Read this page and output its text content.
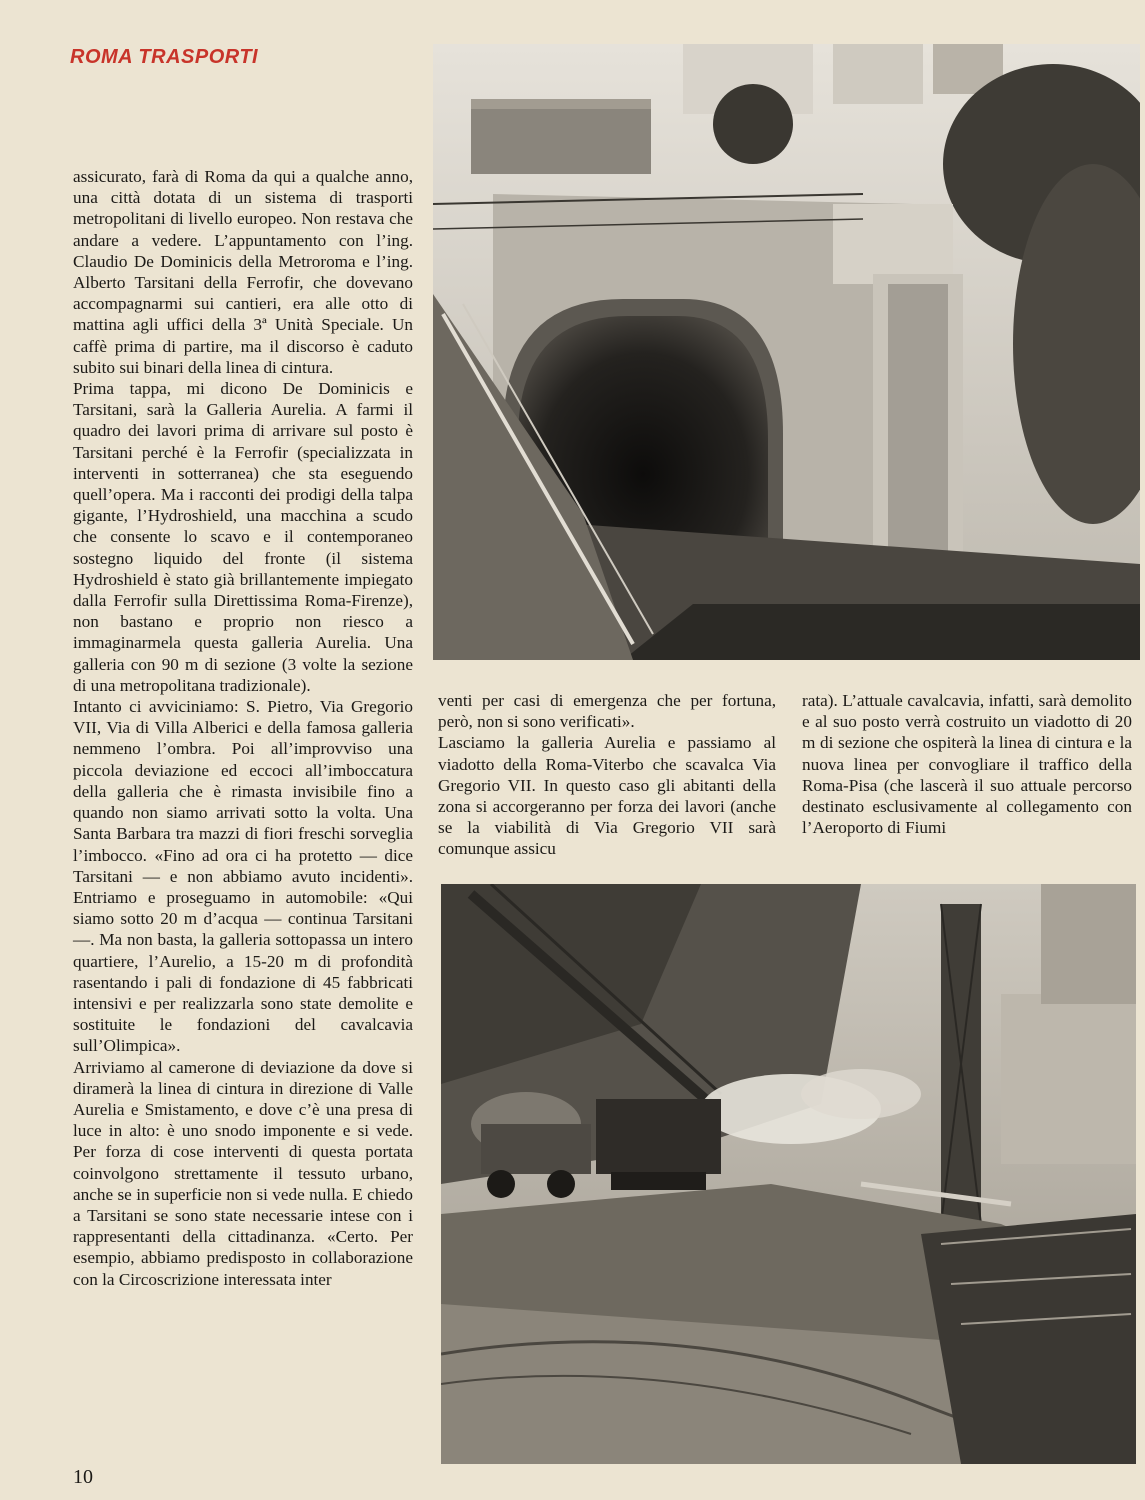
ROMA TRASPORTI

assicurato, farà di Roma da qui a qualche anno, una città dotata di un sistema di trasporti metropolitani di livello europeo. Non restava che andare a vedere. L’appuntamento con l’ing. Claudio De Dominicis della Metroroma e l’ing. Alberto Tarsitani della Ferrofir, che dovevano accompagnarmi sui cantieri, era alle otto di mattina agli uffici della 3ª Unità Speciale. Un caffè prima di partire, ma il discorso è caduto subito sui binari della linea di cintura.

Prima tappa, mi dicono De Dominicis e Tarsitani, sarà la Galleria Aurelia. A farmi il quadro dei lavori prima di arrivare sul posto è Tarsitani perché è la Ferrofir (specializzata in interventi in sotterranea) che sta eseguendo quell’opera. Ma i racconti dei prodigi della talpa gigante, l’Hydroshield, una macchina a scudo che consente lo scavo e il contemporaneo sostegno liquido del fronte (il sistema Hydroshield è stato già brillantemente impiegato dalla Ferrofir sulla Direttissima Roma-Firenze), non bastano e proprio non riesco a immaginarmela questa galleria Aurelia. Una galleria con 90 m di sezione (3 volte la sezione di una metropolitana tradizionale).

Intanto ci avviciniamo: S. Pietro, Via Gregorio VII, Via di Villa Alberici e della famosa galleria nemmeno l’ombra. Poi all’improvviso una piccola deviazione ed eccoci all’imboccatura della galleria che è rimasta invisibile fino a quando non siamo arrivati sotto la volta. Una Santa Barbara tra mazzi di fiori freschi sorveglia l’imbocco. «Fino ad ora ci ha protetto — dice Tarsitani — e non abbiamo avuto incidenti». Entriamo e proseguamo in automobile: «Qui siamo sotto 20 m d’acqua — continua Tarsitani —. Ma non basta, la galleria sottopassa un intero quartiere, l’Aurelio, a 15-20 m di profondità rasentando i pali di fondazione di 45 fabbricati intensivi e per realizzarla sono state demolite e sostituite le fondazioni del cavalcavia sull’Olimpica».

Arriviamo al camerone di deviazione da dove si diramerà la linea di cintura in direzione di Valle Aurelia e Smistamento, e dove c’è una presa di luce in alto: è uno snodo imponente e si vede. Per forza di cose interventi di questa portata coinvolgono strettamente il tessuto urbano, anche se in superficie non si vede nulla. E chiedo a Tarsitani se sono state necessarie intese con i rappresentanti della cittadinanza. «Certo. Per esempio, abbiamo predisposto in collaborazione con la Circoscrizione interessata inter

venti per casi di emergenza che per fortuna, però, non si sono verificati».

Lasciamo la galleria Aurelia e passiamo al viadotto della Roma-Viterbo che scavalca Via Gregorio VII. In questo caso gli abitanti della zona si accorgeranno per forza dei lavori (anche se la viabilità di Via Gregorio VII sarà comunque assicu

rata). L’attuale cavalcavia, infatti, sarà demolito e al suo posto verrà costruito un viadotto di 20 m di sezione che ospiterà la linea di cintura e la nuova linea per convogliare il traffico della Roma-Pisa (che lascerà il suo attuale percorso destinato esclusivamente al collegamento con l’Aeroporto di Fiumi

10
